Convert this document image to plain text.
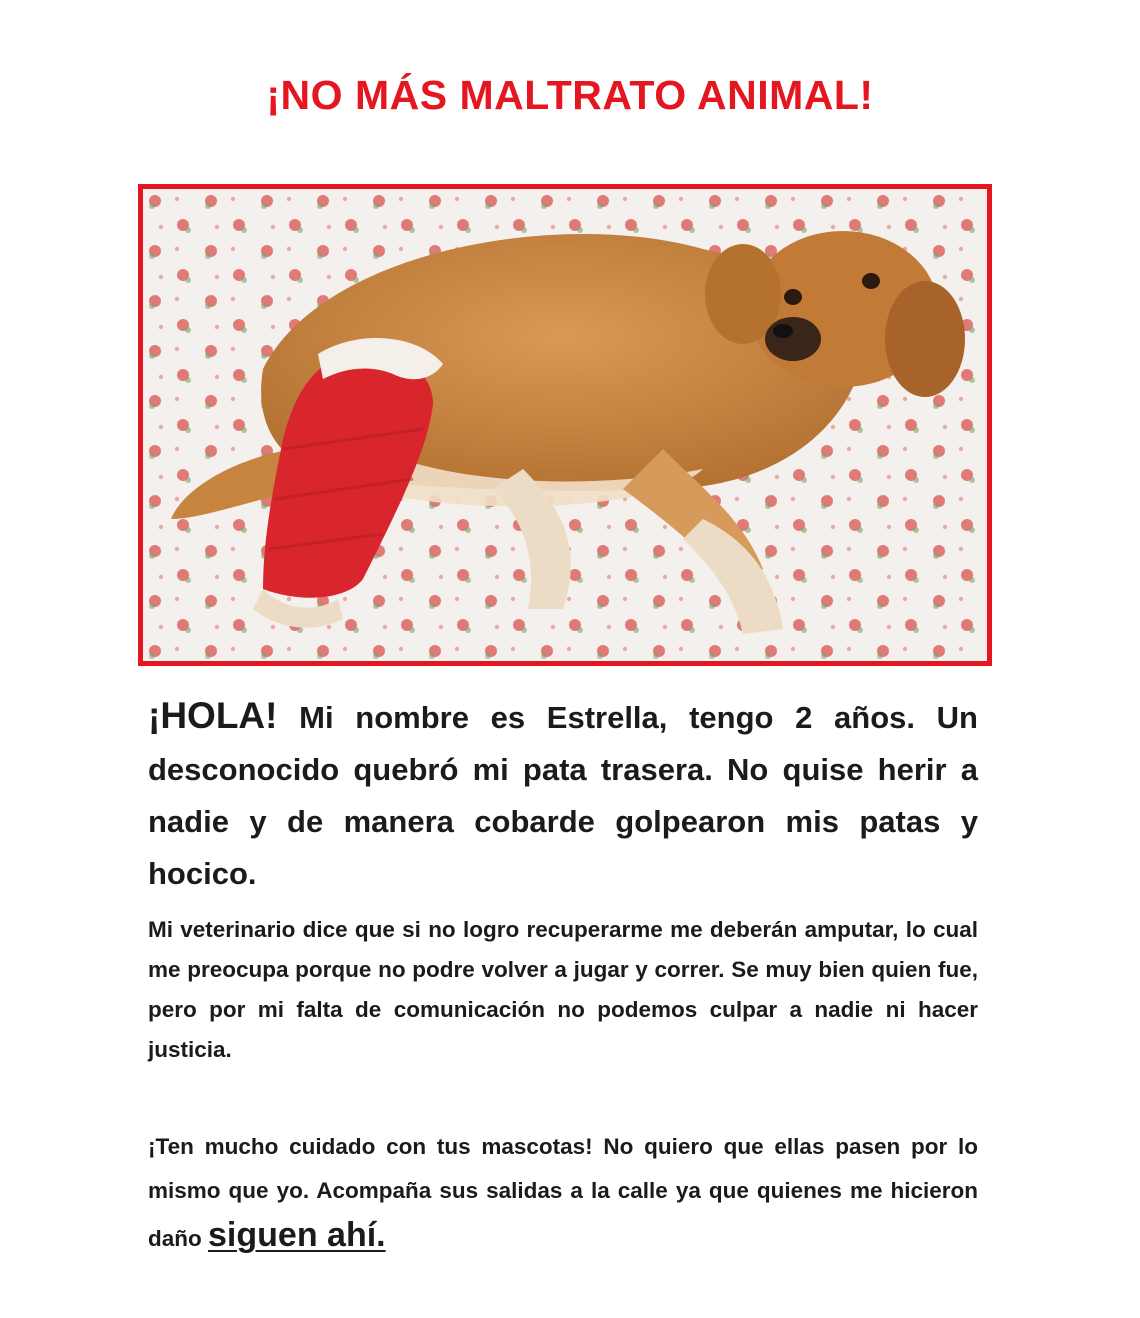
¡NO MÁS MALTRATO ANIMAL!

¡HOLA! Mi nombre es Estrella, tengo 2 años. Un desconocido quebró mi pata trasera. No quise herir a nadie y de manera cobarde golpearon mis patas y hocico.

Mi veterinario dice que si no logro recuperarme me deberán amputar, lo cual me preocupa porque no podre volver a jugar y correr. Se muy bien quien fue, pero por mi falta de comunicación no podemos culpar a nadie ni hacer justicia.

¡Ten mucho cuidado con tus mascotas! No quiero que ellas pasen por lo mismo que yo. Acompaña sus salidas a la calle ya que quienes me hicieron daño siguen ahí.
